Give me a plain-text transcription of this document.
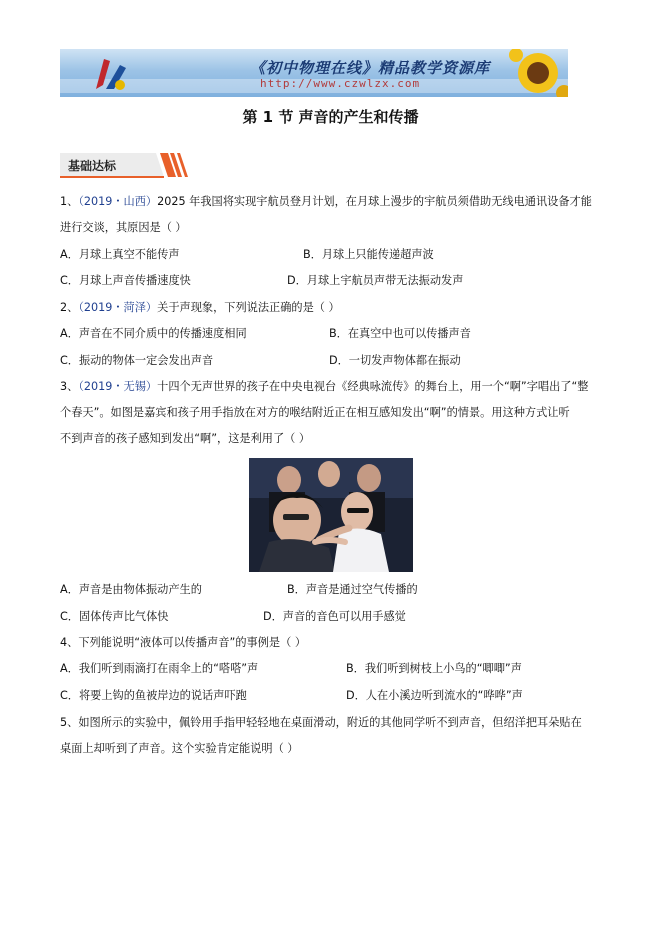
《初中物理在线》精品教学资源库
http://www.czwlzx.com
第 1 节 声音的产生和传播
基础达标
1、（2019・山西）2025 年我国将实现宇航员登月计划，在月球上漫步的宇航员须借助无线电通讯设备才能
进行交谈，其原因是（ ）
A．月球上真空不能传声	B．月球上只能传递超声波
C．月球上声音传播速度快	D．月球上宇航员声带无法振动发声
2、（2019・菏泽）关于声现象，下列说法正确的是（ ）
A．声音在不同介质中的传播速度相同	B．在真空中也可以传播声音
C．振动的物体一定会发出声音	D．一切发声物体都在振动
3、（2019・无锡）十四个无声世界的孩子在中央电视台《经典咏流传》的舞台上，用一个“啊”字唱出了“整
个春天”。如图是嘉宾和孩子用手指放在对方的喉结附近正在相互感知发出“啊”的情景。用这种方式让听
不到声音的孩子感知到发出“啊”，这是利用了（ ）
A．声音是由物体振动产生的	B．声音是通过空气传播的
C．固体传声比气体快	D．声音的音色可以用手感觉
4、下列能说明“液体可以传播声音”的事例是（ ）
A．我们听到雨滴打在雨伞上的“嗒嗒”声	B．我们听到树枝上小鸟的“唧唧”声
C．将要上钩的鱼被岸边的说话声吓跑	D．人在小溪边听到流水的“哗哗”声
5、如图所示的实验中，佩铃用手指甲轻轻地在桌面滑动，附近的其他同学听不到声音，但绍洋把耳朵贴在
桌面上却听到了声音。这个实验肯定能说明（ ）
